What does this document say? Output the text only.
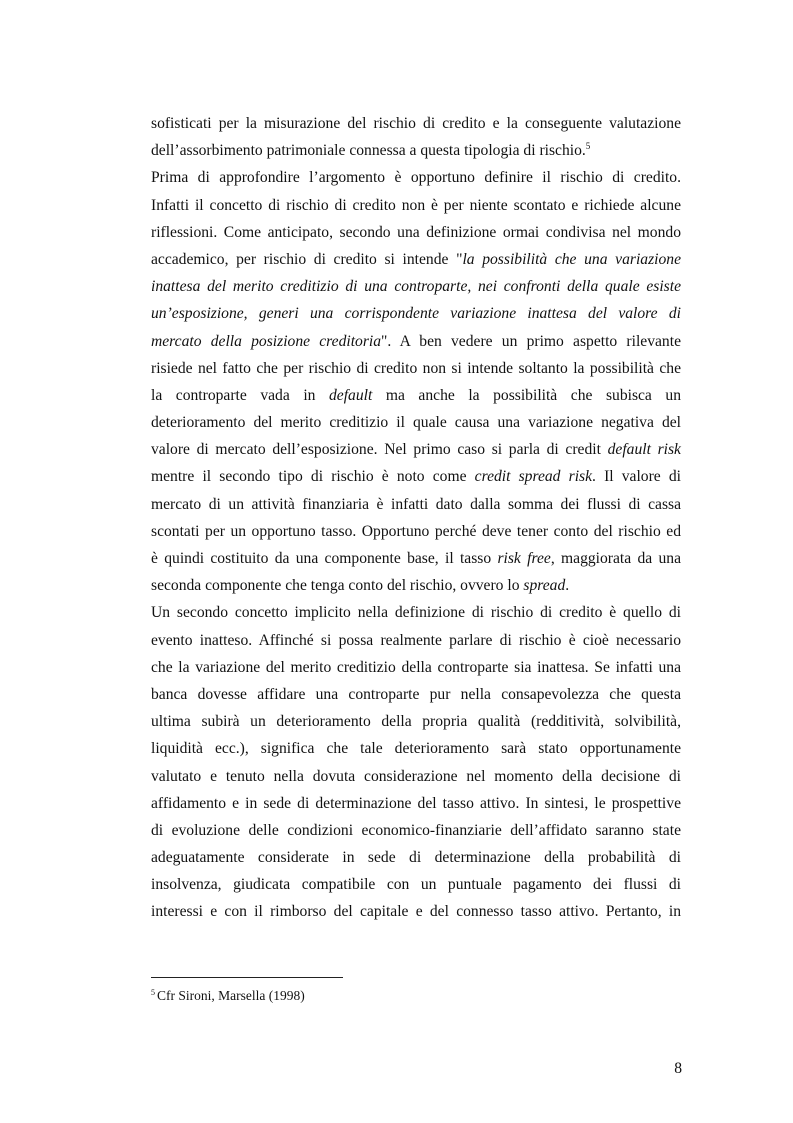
sofisticati per la misurazione del rischio di credito e la conseguente valutazione
dell’assorbimento patrimoniale connessa a questa tipologia di rischio.$^5$
Prima di approfondire l’argomento è opportuno definire il rischio di credito.
Infatti il concetto di rischio di credito non è per niente scontato e richiede alcune
riflessioni. Come anticipato, secondo una definizione ormai condivisa nel mondo
accademico, per rischio di credito si intende "la possibilità che una variazione
inattesa del merito creditizio di una controparte, nei confronti della quale esiste
un’esposizione, generi una corrispondente variazione inattesa del valore di
mercato della posizione creditoria". A ben vedere un primo aspetto rilevante
risiede nel fatto che per rischio di credito non si intende soltanto la possibilità che
la controparte vada in default ma anche la possibilità che subisca un
deterioramento del merito creditizio il quale causa una variazione negativa del
valore di mercato dell’esposizione. Nel primo caso si parla di credit default risk
mentre il secondo tipo di rischio è noto come credit spread risk. Il valore di
mercato di un attività finanziaria è infatti dato dalla somma dei flussi di cassa
scontati per un opportuno tasso. Opportuno perché deve tener conto del rischio ed
è quindi costituito da una componente base, il tasso risk free, maggiorata da una
seconda componente che tenga conto del rischio, ovvero lo spread.
Un secondo concetto implicito nella definizione di rischio di credito è quello di
evento inatteso. Affinché si possa realmente parlare di rischio è cioè necessario
che la variazione del merito creditizio della controparte sia inattesa. Se infatti una
banca dovesse affidare una controparte pur nella consapevolezza che questa
ultima subirà un deterioramento della propria qualità (redditività, solvibilità,
liquidità ecc.), significa che tale deterioramento sarà stato opportunamente
valutato e tenuto nella dovuta considerazione nel momento della decisione di
affidamento e in sede di determinazione del tasso attivo. In sintesi, le prospettive
di evoluzione delle condizioni economico-finanziarie dell’affidato saranno state
adeguatamente considerate in sede di determinazione della probabilità di
insolvenza, giudicata compatibile con un puntuale pagamento dei flussi di
interessi e con il rimborso del capitale e del connesso tasso attivo. Pertanto, in
$^5$ Cfr Sironi, Marsella (1998)
8
